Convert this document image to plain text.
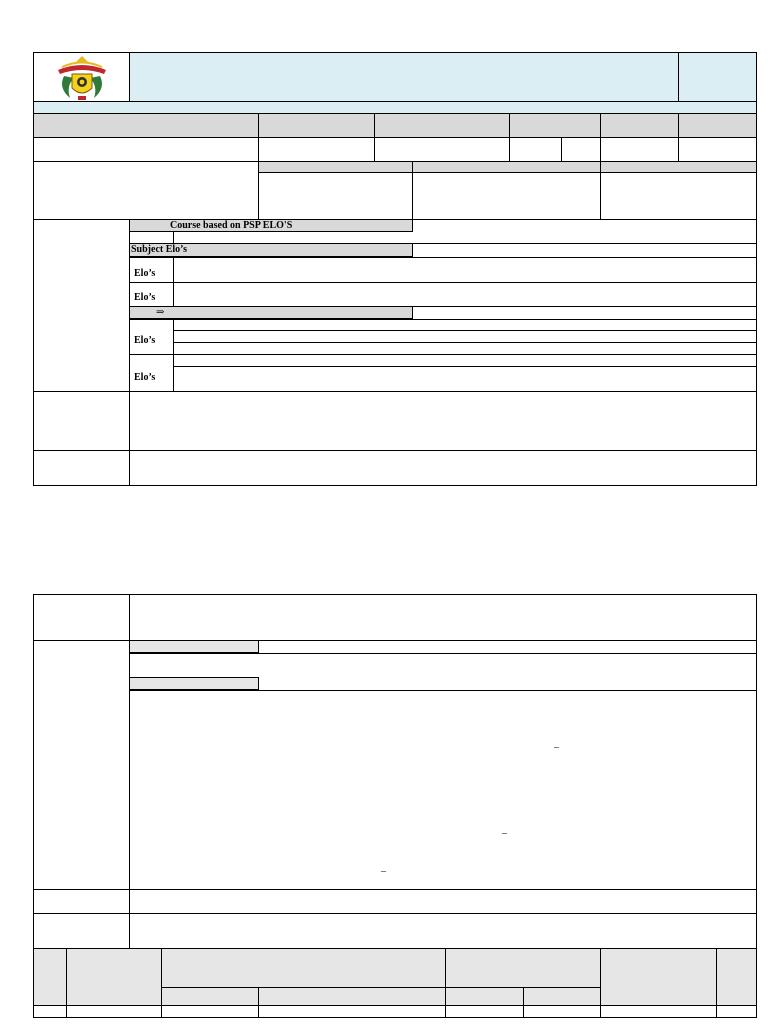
Course based on PSP ELO'S
Subject Elo’s
Elo’s
Elo’s
⇒
Elo’s
Elo’s
–
–
–
